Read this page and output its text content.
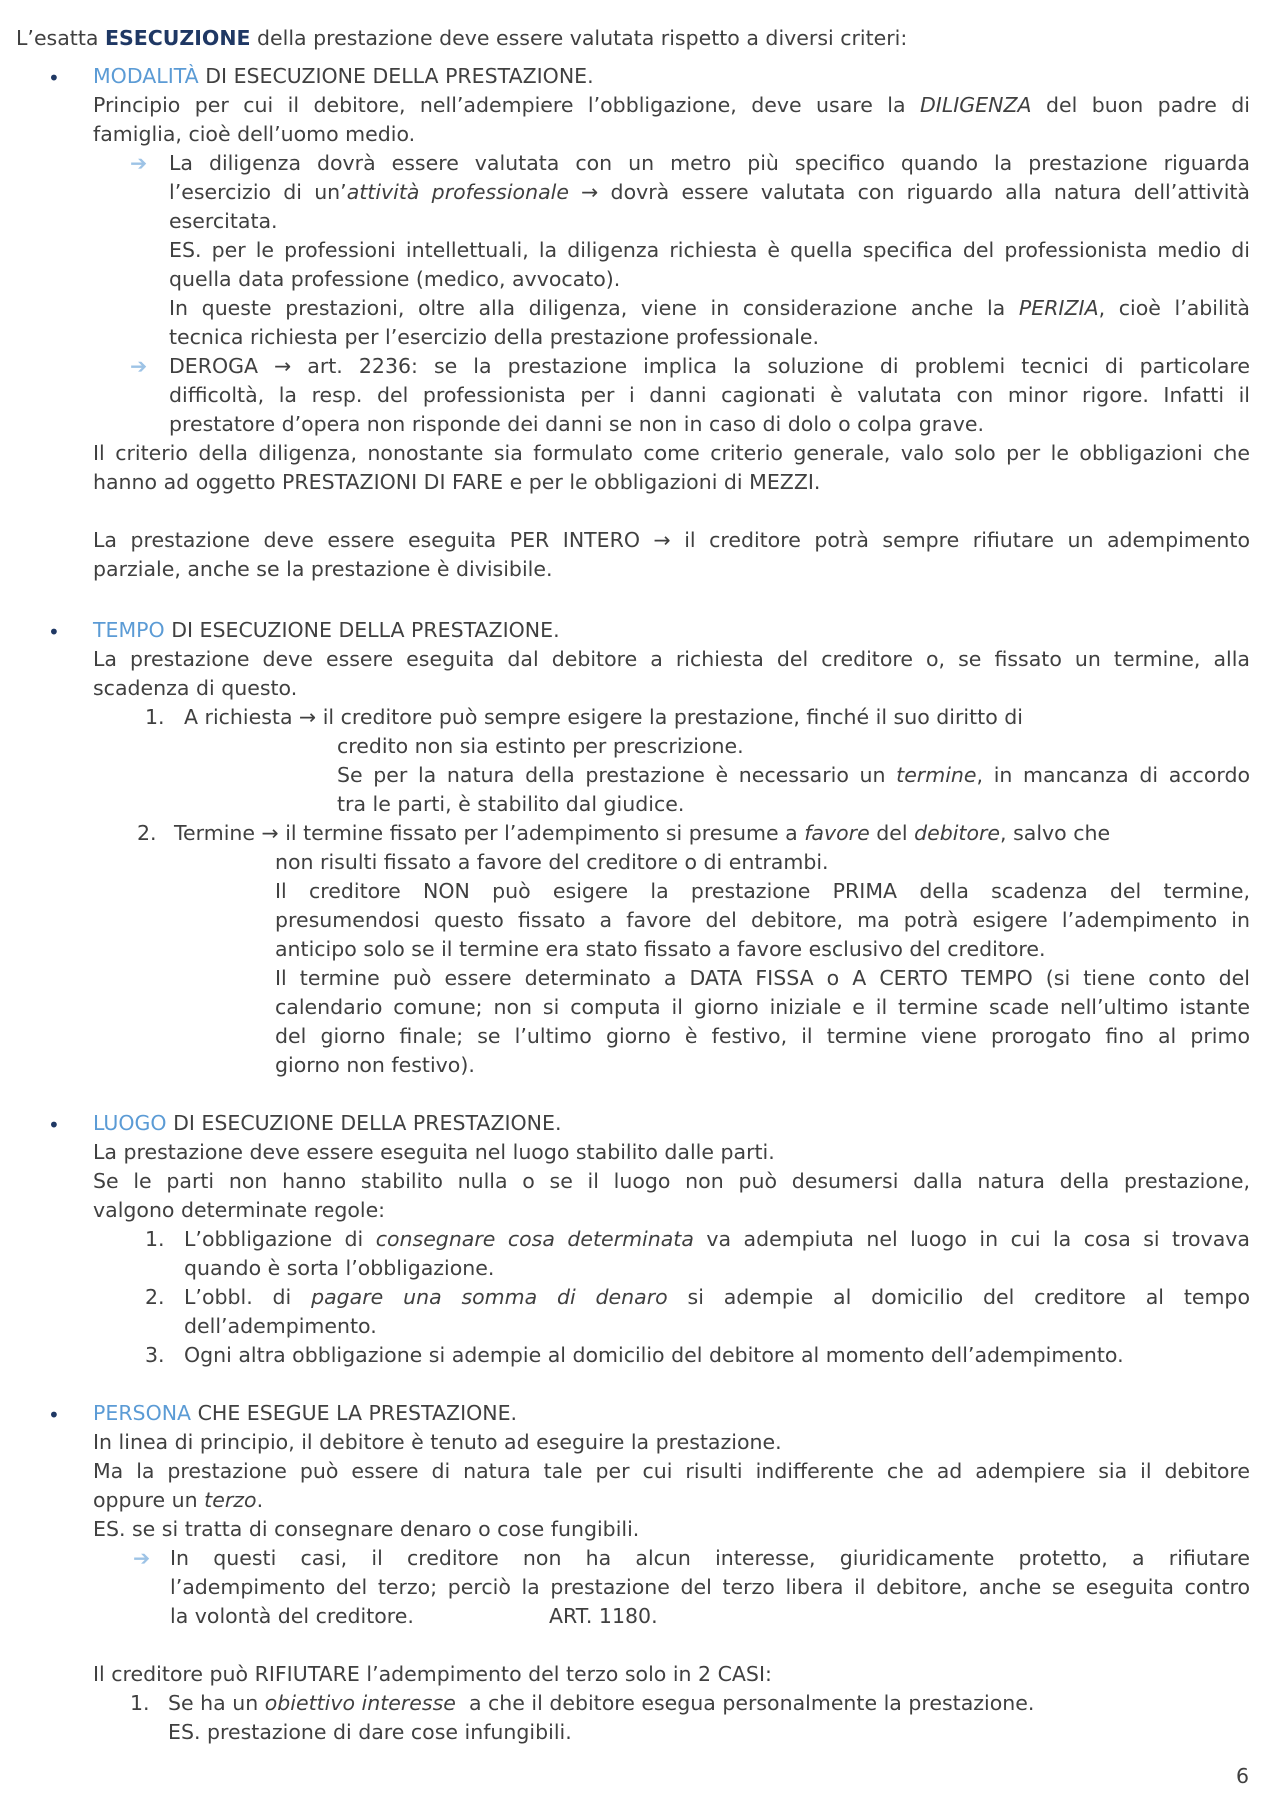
L’esatta ESECUZIONE della prestazione deve essere valutata rispetto a diversi criteri:
• MODALITÀ DI ESECUZIONE DELLA PRESTAZIONE.
Principio per cui il debitore, nell’adempiere l’obbligazione, deve usare la DILIGENZA del buon padre di
famiglia, cioè dell’uomo medio.
➔ La diligenza dovrà essere valutata con un metro più specifico quando la prestazione riguarda
l’esercizio di un’attività professionale → dovrà essere valutata con riguardo alla natura dell’attività
esercitata.
ES. per le professioni intellettuali, la diligenza richiesta è quella specifica del professionista medio di
quella data professione (medico, avvocato).
In queste prestazioni, oltre alla diligenza, viene in considerazione anche la PERIZIA, cioè l’abilità
tecnica richiesta per l’esercizio della prestazione professionale.
➔ DEROGA → art. 2236: se la prestazione implica la soluzione di problemi tecnici di particolare
difficoltà, la resp. del professionista per i danni cagionati è valutata con minor rigore. Infatti il
prestatore d’opera non risponde dei danni se non in caso di dolo o colpa grave.
Il criterio della diligenza, nonostante sia formulato come criterio generale, valo solo per le obbligazioni che
hanno ad oggetto PRESTAZIONI DI FARE e per le obbligazioni di MEZZI.
La prestazione deve essere eseguita PER INTERO → il creditore potrà sempre rifiutare un adempimento
parziale, anche se la prestazione è divisibile.
• TEMPO DI ESECUZIONE DELLA PRESTAZIONE.
La prestazione deve essere eseguita dal debitore a richiesta del creditore o, se fissato un termine, alla
scadenza di questo.
1. A richiesta → il creditore può sempre esigere la prestazione, finché il suo diritto di
credito non sia estinto per prescrizione.
Se per la natura della prestazione è necessario un termine, in mancanza di accordo
tra le parti, è stabilito dal giudice.
2. Termine → il termine fissato per l’adempimento si presume a favore del debitore, salvo che
non risulti fissato a favore del creditore o di entrambi.
Il creditore NON può esigere la prestazione PRIMA della scadenza del termine,
presumendosi questo fissato a favore del debitore, ma potrà esigere l’adempimento in
anticipo solo se il termine era stato fissato a favore esclusivo del creditore.
Il termine può essere determinato a DATA FISSA o A CERTO TEMPO (si tiene conto del
calendario comune; non si computa il giorno iniziale e il termine scade nell’ultimo istante
del giorno finale; se l’ultimo giorno è festivo, il termine viene prorogato fino al primo
giorno non festivo).
• LUOGO DI ESECUZIONE DELLA PRESTAZIONE.
La prestazione deve essere eseguita nel luogo stabilito dalle parti.
Se le parti non hanno stabilito nulla o se il luogo non può desumersi dalla natura della prestazione,
valgono determinate regole:
1. L’obbligazione di consegnare cosa determinata va adempiuta nel luogo in cui la cosa si trovava
quando è sorta l’obbligazione.
2. L’obbl. di pagare una somma di denaro si adempie al domicilio del creditore al tempo
dell’adempimento.
3. Ogni altra obbligazione si adempie al domicilio del debitore al momento dell’adempimento.
• PERSONA CHE ESEGUE LA PRESTAZIONE.
In linea di principio, il debitore è tenuto ad eseguire la prestazione.
Ma la prestazione può essere di natura tale per cui risulti indifferente che ad adempiere sia il debitore
oppure un terzo.
ES. se si tratta di consegnare denaro o cose fungibili.
➔ In questi casi, il creditore non ha alcun interesse, giuridicamente protetto, a rifiutare
l’adempimento del terzo; perciò la prestazione del terzo libera il debitore, anche se eseguita contro
la volontà del creditore.	ART. 1180.
Il creditore può RIFIUTARE l’adempimento del terzo solo in 2 CASI:
1. Se ha un obiettivo interesse  a che il debitore esegua personalmente la prestazione.
ES. prestazione di dare cose infungibili.
6
